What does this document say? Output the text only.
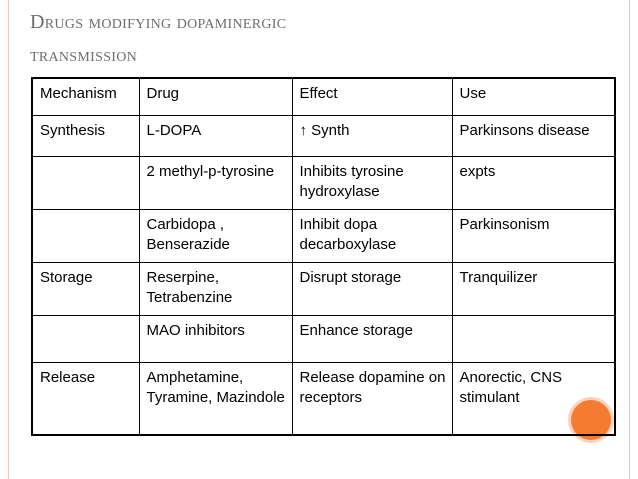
Drugs modifying dopaminergic
transmission
Mechanism	Drug	Effect	Use
Synthesis	L-DOPA	↑ Synth	Parkinsons disease
	2 methyl-p-tyrosine	Inhibits tyrosine hydroxylase	expts
	Carbidopa , Benserazide	Inhibit dopa decarboxylase	Parkinsonism
Storage	Reserpine, Tetrabenzine	Disrupt storage	Tranquilizer
	MAO inhibitors	Enhance storage	
Release	Amphetamine, Tyramine, Mazindole	Release dopamine on receptors	Anorectic, CNS stimulant
